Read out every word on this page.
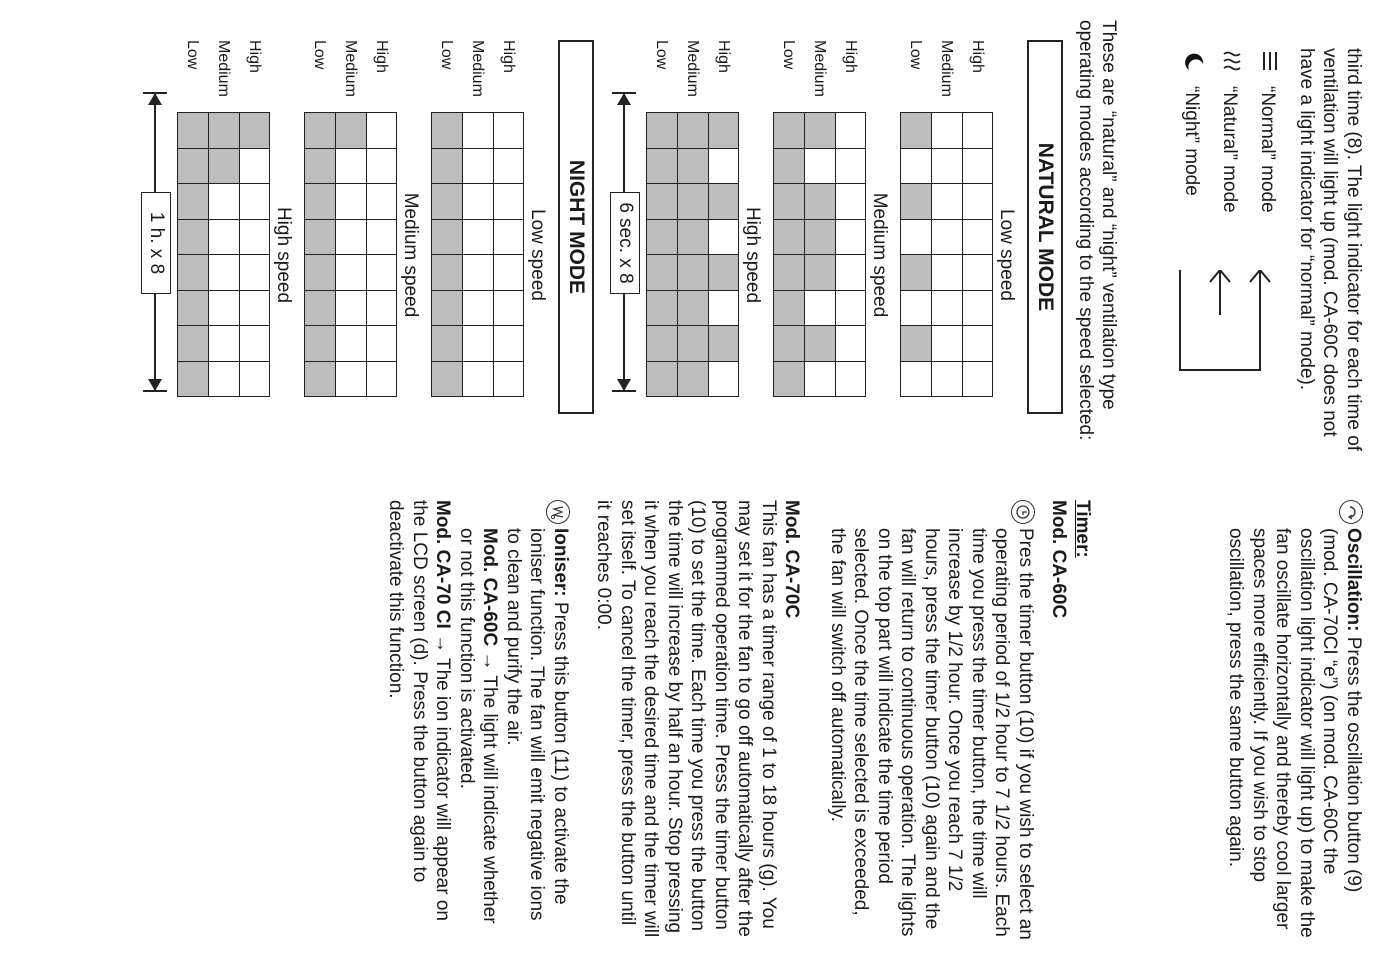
third time (8). The light indicator for each time of ventilation will light up (mod. CA-60C does not have a light indicator for “normal” mode).

“Normal” mode
“Natural” mode
“Night” mode

These are “natural” and “night” ventilation type operating modes according to the speed selected:

NATURAL MODE
Low speed
High
Medium
Low

Medium speed
High
Medium
Low

High speed
High
Medium
Low

6 sec. x 8
NIGHT MODE
Low speed
High
Medium
Low

Medium speed
High
Medium
Low

High speed
High
Medium
Low

1 h. x 8

Oscillation: Press the oscillation button (9) (mod. CA-70CI “e”) (on mod. CA-60C the oscillation light indicator will light up) to make the fan oscillate horizontally and thereby cool larger spaces more efficiently. If you wish to stop oscillation, press the same button again.

Timer:
Mod. CA-60C

Pres the timer button (10) if you wish to select an operating period of 1/2 hour to 7 1/2 hours. Each time you press the timer button, the time will increase by 1/2 hour. Once you reach 7 1/2 hours, press the timer button (10) again and the fan will return to continuous operation. The lights on the top part will indicate the time period selected. Once the time selected is exceeded, the fan will switch off automatically.

Mod. CA-70C

This fan has a timer range of 1 to 18 hours (g). You may set it for the fan to go off automatically after the programmed operation time. Press the timer button (10) to set the time. Each time you press the button the time will increase by half an hour. Stop pressing it when you reach the desired time and the timer will set itself. To cancel the timer, press the button until it reaches 0:00.

Ioniser: Press this button (11) to activate the ioniser function. The fan will emit negative ions to clean and purify the air.

Mod. CA-60C → The light will indicate whether or not this function is activated.

Mod. CA-70 CI → The ion indicator will appear on the LCD screen (d). Press the button again to deactivate this function.
